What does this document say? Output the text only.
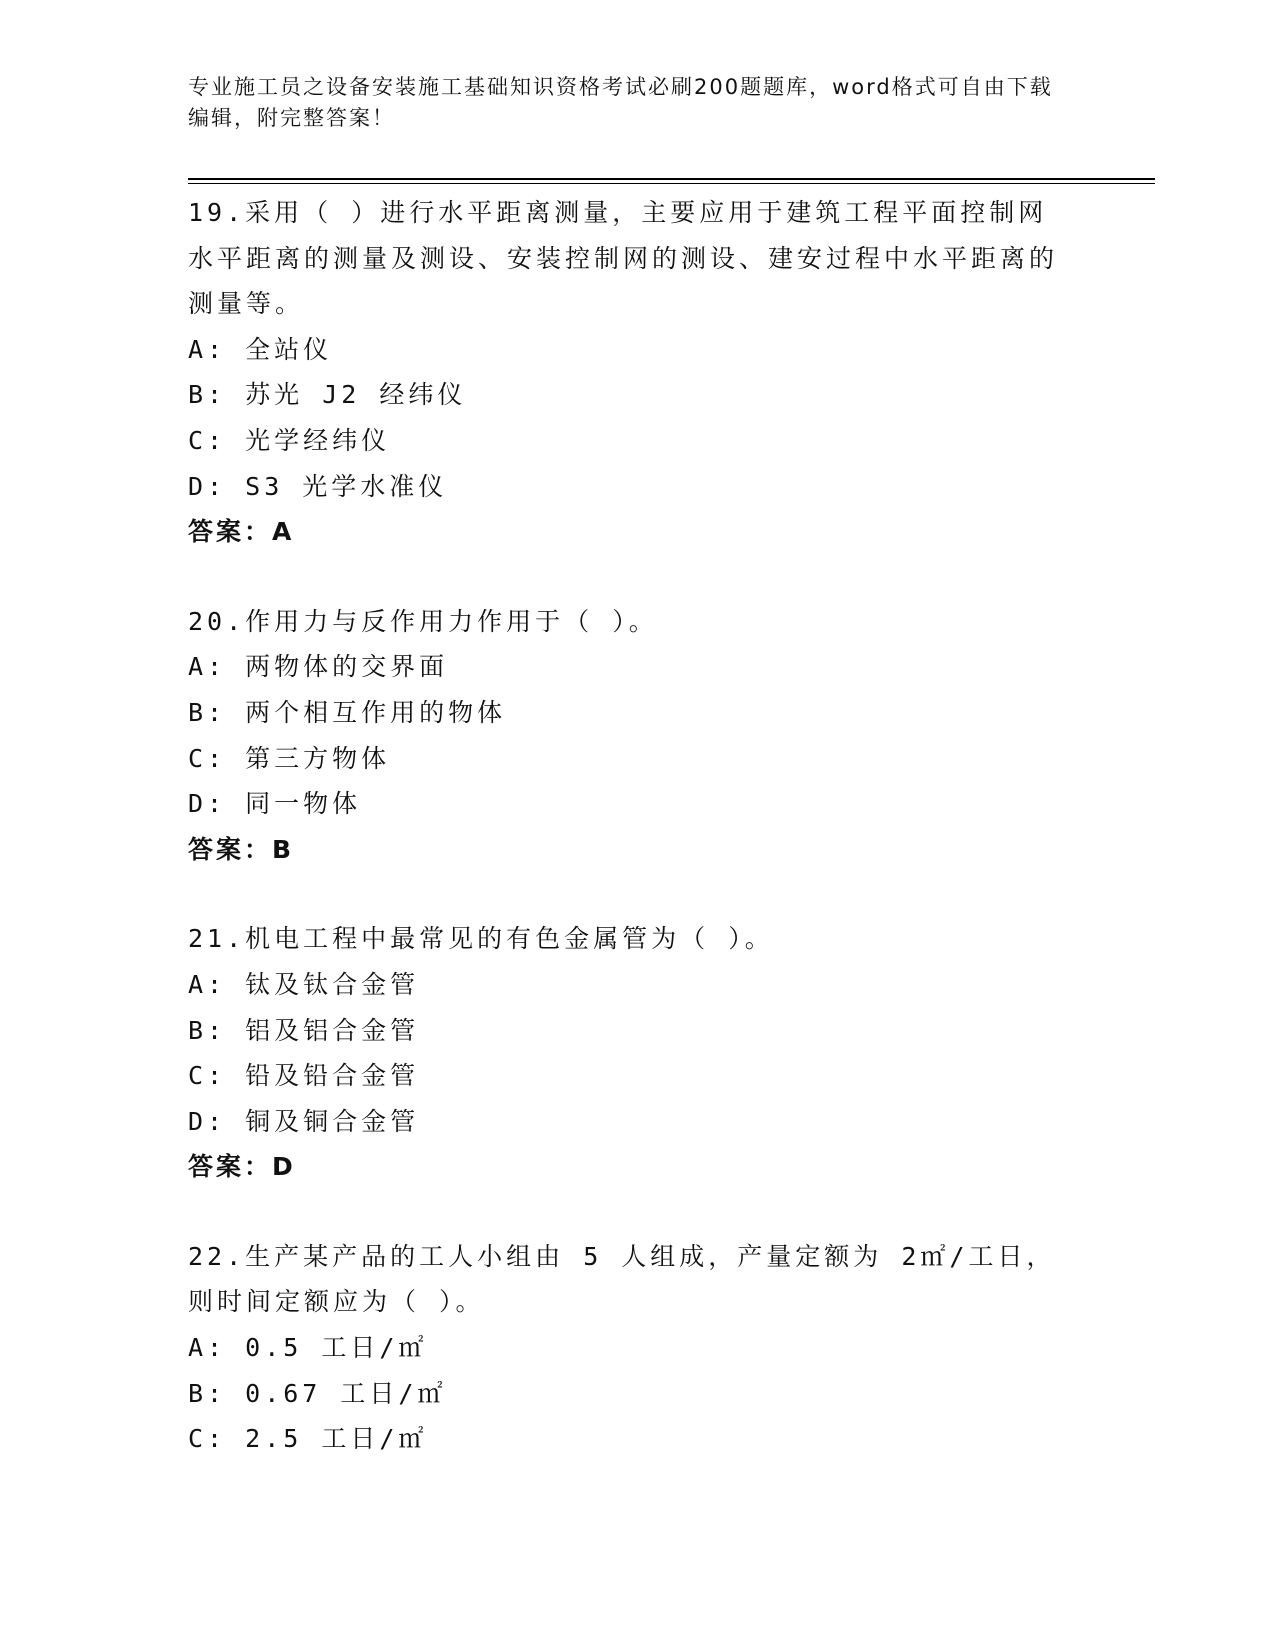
专业施工员之设备安装施工基础知识资格考试必刷200题题库，word格式可自由下载编辑，附完整答案！

19.采用（ ）进行水平距离测量，主要应用于建筑工程平面控制网水平距离的测量及测设、安装控制网的测设、建安过程中水平距离的测量等。

A: 全站仪

B: 苏光 J2 经纬仪

C: 光学经纬仪

D: S3 光学水准仪

答案：A

20.作用力与反作用力作用于（ ）。

A: 两物体的交界面

B: 两个相互作用的物体

C: 第三方物体

D: 同一物体

答案：B

21.机电工程中最常见的有色金属管为（ ）。

A: 钛及钛合金管

B: 铝及铝合金管

C: 铅及铅合金管

D: 铜及铜合金管

答案：D

22.生产某产品的工人小组由 5 人组成，产量定额为 2㎡/工日，则时间定额应为（ ）。

A: 0.5 工日/㎡

B: 0.67 工日/㎡

C: 2.5 工日/㎡
